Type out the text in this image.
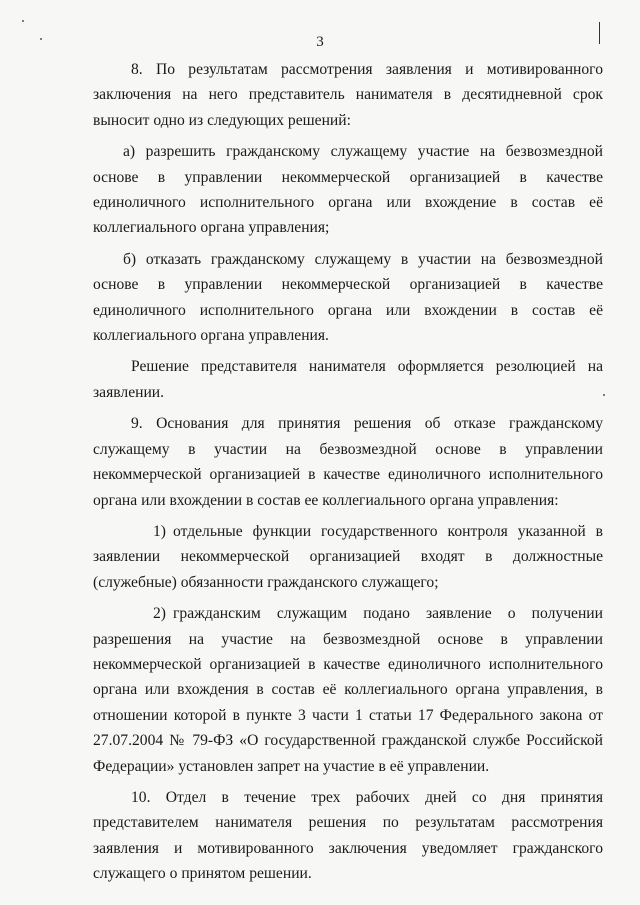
3

8. По результатам рассмотрения заявления и мотивированного заключения на него представитель нанимателя в десятидневной срок выносит одно из следующих решений:

а) разрешить гражданскому служащему участие на безвозмездной основе в управлении некоммерческой организацией в качестве единоличного исполнительного органа или вхождение в состав её коллегиального органа управления;

б) отказать гражданскому служащему в участии на безвозмездной основе в управлении некоммерческой организацией в качестве единоличного исполнительного органа или вхождении в состав её коллегиального органа управления.

Решение представителя нанимателя оформляется резолюцией на заявлении.

9. Основания для принятия решения об отказе гражданскому служащему в участии на безвозмездной основе в управлении некоммерческой организацией в качестве единоличного исполнительного органа или вхождении в состав ее коллегиального органа управления:

1) отдельные функции государственного контроля указанной в заявлении некоммерческой организацией входят в должностные (служебные) обязанности гражданского служащего;

2) гражданским служащим подано заявление о получении разрешения на участие на безвозмездной основе в управлении некоммерческой организацией в качестве единоличного исполнительного органа или вхождения в состав её коллегиального органа управления, в отношении которой в пункте 3 части 1 статьи 17 Федерального закона от 27.07.2004 № 79-ФЗ «О государственной гражданской службе Российской Федерации» установлен запрет на участие в её управлении.

10. Отдел в течение трех рабочих дней со дня принятия представителем нанимателя решения по результатам рассмотрения заявления и мотивированного заключения уведомляет гражданского служащего о принятом решении.
